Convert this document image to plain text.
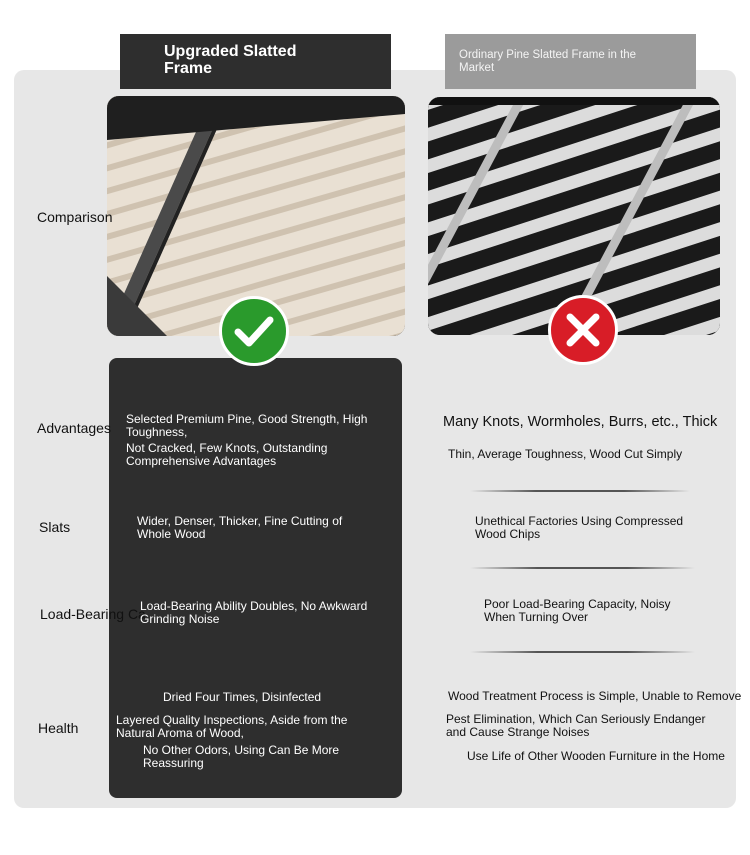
Upgraded Slatted Frame
Ordinary Pine Slatted Frame in the Market
Comparison
Advantages
Slats
Load-Bearing Ca
Health
Selected Premium Pine, Good Strength, High Toughness,
Not Cracked, Few Knots, Outstanding Comprehensive Advantages
Wider, Denser, Thicker, Fine Cutting of Whole Wood
Load-Bearing Ability Doubles, No Awkward Grinding Noise
Dried Four Times, Disinfected
Layered Quality Inspections, Aside from the Natural Aroma of Wood,
No Other Odors, Using Can Be More Reassuring
Many Knots, Wormholes, Burrs, etc., Thick
Thin, Average Toughness, Wood Cut Simply
Unethical Factories Using Compressed Wood Chips
Poor Load-Bearing Capacity, Noisy When Turning Over
Wood Treatment Process is Simple, Unable to Remove
Pest Elimination, Which Can Seriously Endanger and Cause Strange Noises
Use Life of Other Wooden Furniture in the Home
